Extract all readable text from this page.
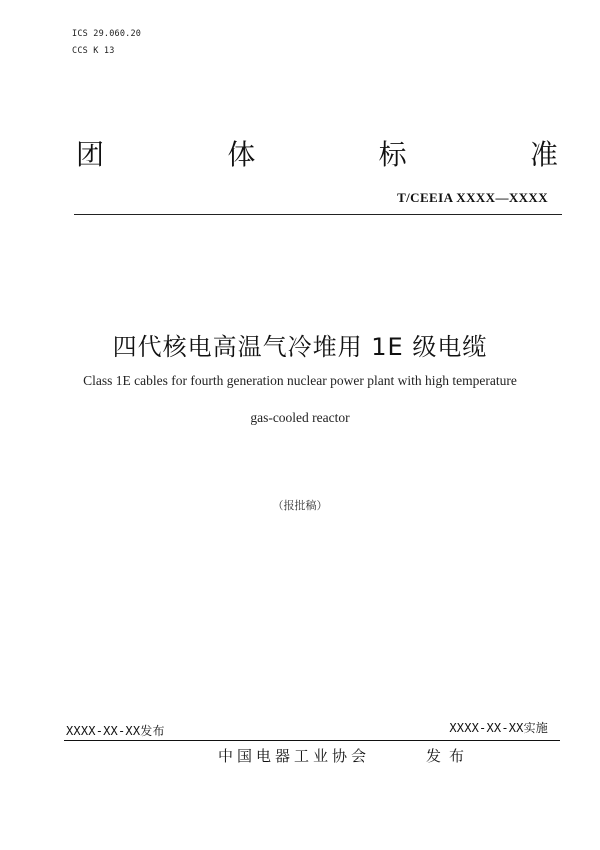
ICS 29.060.20
CCS K 13
团	体	标	准
T/CEEIA XXXX—XXXX
四代核电高温气冷堆用 1E 级电缆
Class 1E cables for fourth generation nuclear power plant with high temperature
gas-cooled reactor
（报批稿）
XXXX-XX-XX发布	XXXX-XX-XX实施
中国电器工业协会	发布
